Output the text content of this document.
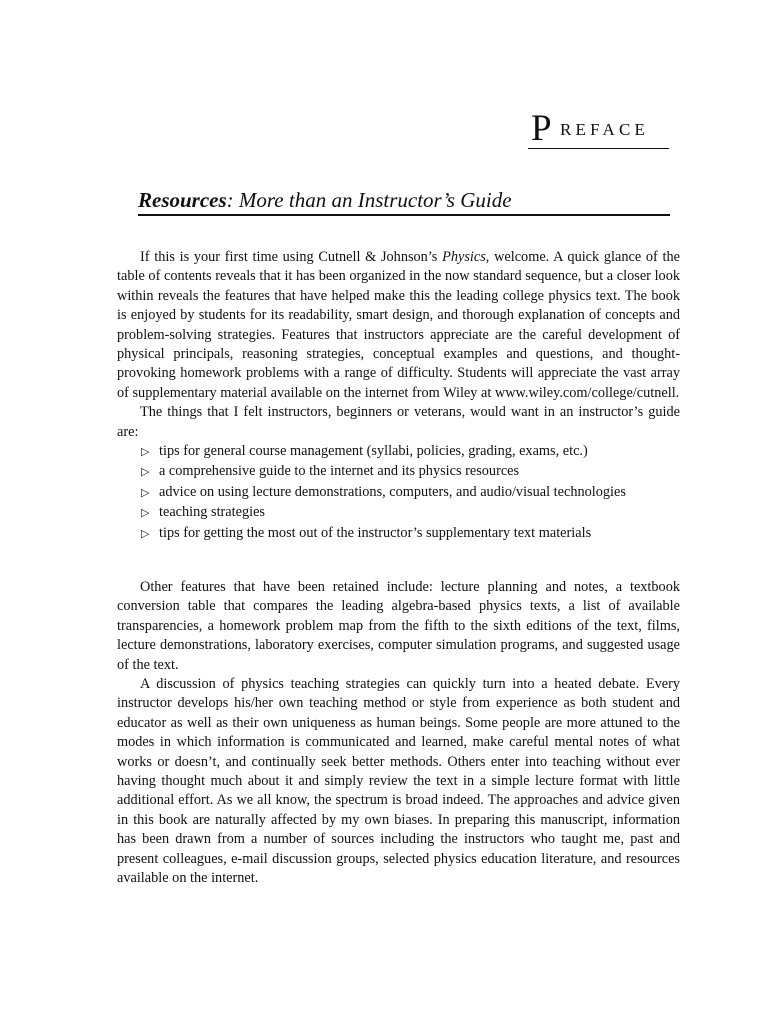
P REFACE
Resources: More than an Instructor’s Guide

If this is your first time using Cutnell & Johnson’s Physics, welcome. A quick glance of the table of contents reveals that it has been organized in the now standard sequence, but a closer look within reveals the features that have helped make this the leading college physics text. The book is enjoyed by students for its readability, smart design, and thorough explanation of concepts and problem-solving strategies. Features that instructors appreciate are the careful development of physical principals, reasoning strategies, conceptual examples and questions, and thought-provoking homework problems with a range of difficulty. Students will appreciate the vast array of supplementary material available on the internet from Wiley at www.wiley.com/college/cutnell.

The things that I felt instructors, beginners or veterans, would want in an instructor’s guide are:

▷ tips for general course management (syllabi, policies, grading, exams, etc.)
▷ a comprehensive guide to the internet and its physics resources
▷ advice on using lecture demonstrations, computers, and audio/visual technologies
▷ teaching strategies
▷ tips for getting the most out of the instructor’s supplementary text materials

Other features that have been retained include: lecture planning and notes, a textbook conversion table that compares the leading algebra-based physics texts, a list of available transparencies, a homework problem map from the fifth to the sixth editions of the text, films, lecture demonstrations, laboratory exercises, computer simulation programs, and suggested usage of the text.

A discussion of physics teaching strategies can quickly turn into a heated debate. Every instructor develops his/her own teaching method or style from experience as both student and educator as well as their own uniqueness as human beings. Some people are more attuned to the modes in which information is communicated and learned, make careful mental notes of what works or doesn’t, and continually seek better methods. Others enter into teaching without ever having thought much about it and simply review the text in a simple lecture format with little additional effort. As we all know, the spectrum is broad indeed. The approaches and advice given in this book are naturally affected by my own biases. In preparing this manuscript, information has been drawn from a number of sources including the instructors who taught me, past and present colleagues, e-mail discussion groups, selected physics education literature, and resources available on the internet.
